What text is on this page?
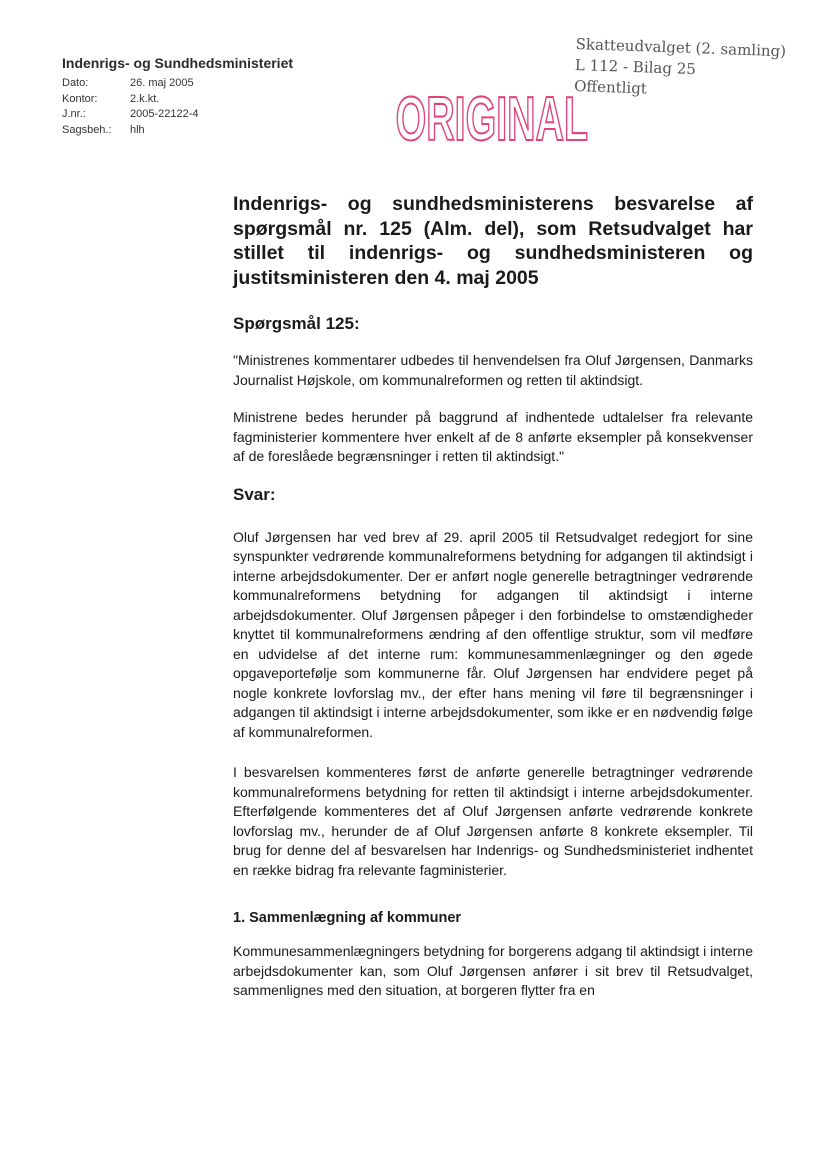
Indenrigs- og Sundhedsministeriet
Dato:	26. maj 2005
Kontor:	2.k.kt.
J.nr.:	2005-22122-4
Sagsbeh.:	hlh
Skatteudvalget (2. samling)
L 112 - Bilag 25
Offentligt
ORIGINAL
Indenrigs- og sundhedsministerens besvarelse af spørgsmål nr. 125 (Alm. del), som Retsudvalget har stillet til indenrigs- og sundhedsministeren og justitsministeren den 4. maj 2005
Spørgsmål 125:

"Ministrenes kommentarer udbedes til henvendelsen fra Oluf Jørgensen, Danmarks Journalist Højskole, om kommunalreformen og retten til aktindsigt.

Ministrene bedes herunder på baggrund af indhentede udtalelser fra relevante fagministerier kommentere hver enkelt af de 8 anførte eksempler på konsekvenser af de foreslåede begrænsninger i retten til aktindsigt."

Svar:

Oluf Jørgensen har ved brev af 29. april 2005 til Retsudvalget redegjort for sine synspunkter vedrørende kommunalreformens betydning for adgangen til aktindsigt i interne arbejdsdokumenter. Der er anført nogle generelle betragtninger vedrørende kommunalreformens betydning for adgangen til aktindsigt i interne arbejdsdokumenter. Oluf Jørgensen påpeger i den forbindelse to omstændigheder knyttet til kommunalreformens ændring af den offentlige struktur, som vil medføre en udvidelse af det interne rum: kommunesammenlægninger og den øgede opgaveportefølje som kommunerne får. Oluf Jørgensen har endvidere peget på nogle konkrete lovforslag mv., der efter hans mening vil føre til begrænsninger i adgangen til aktindsigt i interne arbejdsdokumenter, som ikke er en nødvendig følge af kommunalreformen.

I besvarelsen kommenteres først de anførte generelle betragtninger vedrørende kommunalreformens betydning for retten til aktindsigt i interne arbejdsdokumenter. Efterfølgende kommenteres det af Oluf Jørgensen anførte vedrørende konkrete lovforslag mv., herunder de af Oluf Jørgensen anførte 8 konkrete eksempler. Til brug for denne del af besvarelsen har Indenrigs- og Sundhedsministeriet indhentet en række bidrag fra relevante fagministerier.

1. Sammenlægning af kommuner

Kommunesammenlægningers betydning for borgerens adgang til aktindsigt i interne arbejdsdokumenter kan, som Oluf Jørgensen anfører i sit brev til Retsudvalget, sammenlignes med den situation, at borgeren flytter fra en
